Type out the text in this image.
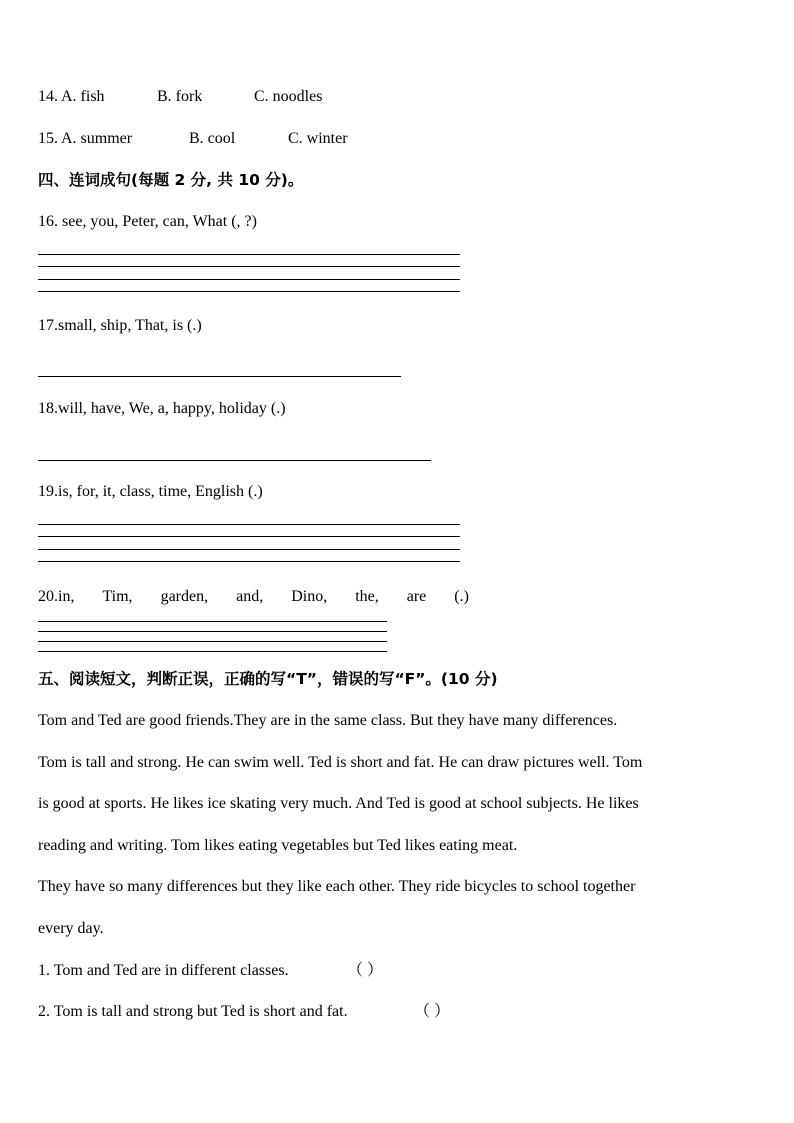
14. A. fish	B. fork	C. noodles
15. A. summer	B. cool	C. winter
四、连词成句(每题 2 分, 共 10 分)。
16. see, you, Peter, can, What (, ?)
17.small, ship, That, is (.)
18.will, have, We, a, happy, holiday (.)
19.is, for, it, class, time, English (.)
20.in, Tim, garden, and, Dino, the, are (.)
五、阅读短文，判断正误，正确的写“T”，错误的写“F”。(10 分)
Tom and Ted are good friends.They are in the same class. But they have many differences.
Tom is tall and strong. He can swim well. Ted is short and fat. He can draw pictures well. Tom
is good at sports. He likes ice skating very much. And Ted is good at school subjects. He likes
reading and writing. Tom likes eating vegetables but Ted likes eating meat.
They have so many differences but they like each other. They ride bicycles to school together
every day.
1. Tom and Ted are in different classes.	（ ）
2. Tom is tall and strong but Ted is short and fat.	（ ）
